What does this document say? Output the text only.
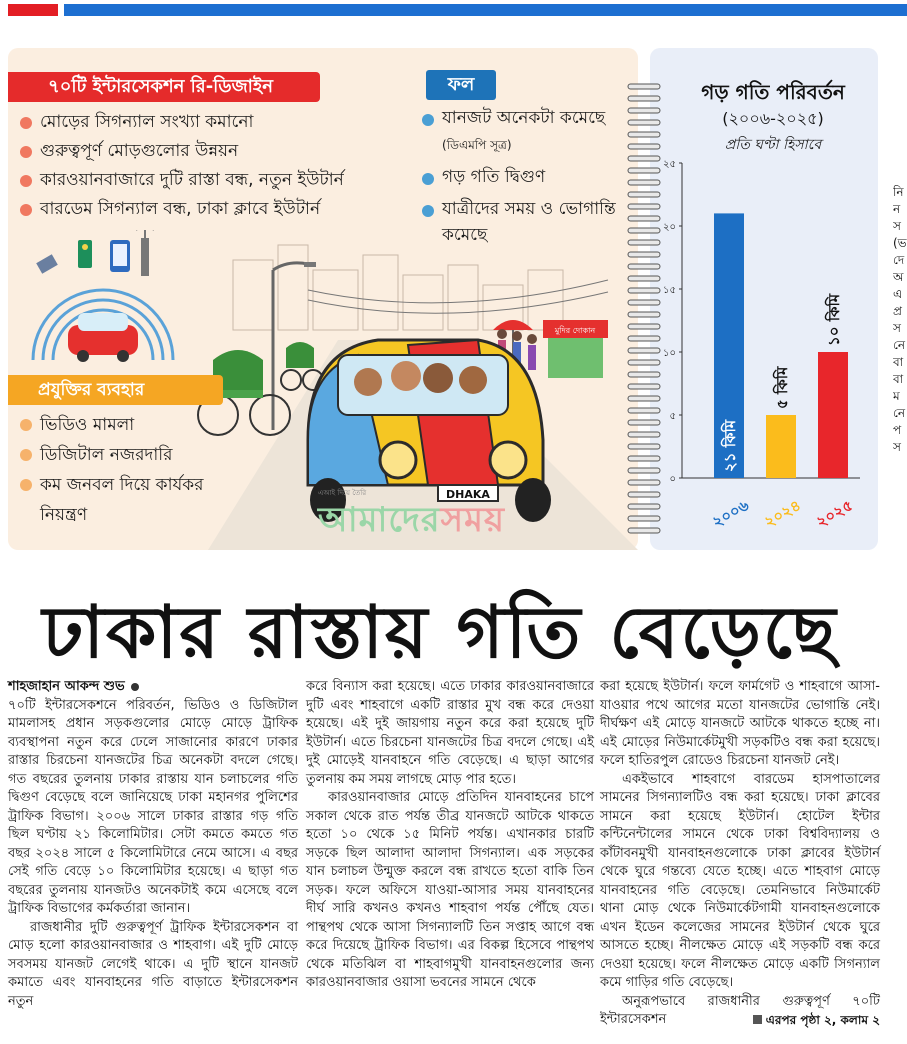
মুদির দোকান
DHAKA
৭০টি ইন্টারসেকশন রি-ডিজাইন	ফল
প্রযুক্তির ব্যবহার
মোড়ের সিগন্যাল সংখ্যা কমানো
গুরুত্বপূর্ণ মোড়গুলোর উন্নয়ন
কারওয়ানবাজারে দুটি রাস্তা বন্ধ, নতুন ইউটার্ন
বারডেম সিগন্যাল বন্ধ, ঢাকা ক্লাবে ইউটার্ন
যানজট অনেকটা কমেছে (ডিএমপি সূত্র)
গড় গতি দ্বিগুণ
যাত্রীদের সময় ও ভোগান্তি কমেছে
ভিডিও মামলা
ডিজিটাল নজরদারি
কম জনবল দিয়ে কার্যকর নিয়ন্ত্রণ
গড় গতি পরিবর্তন
(২০০৬-২০২৫)
প্রতি ঘণ্টা হিসাবে
০
৫
১০
১৫
২০
২৫
২১ কিমি
২০০৬
৫ কিমি
২০২৪
১০ কিমি
২০২৫
এআই দিয়ে তৈরি
আমাদেরসময়
ঢাকার রাস্তায় গতি বেড়েছে

শাহজাহান আকন্দ শুভ

৭০টি ইন্টারসেকশনে পরিবর্তন, ভিডিও ও ডিজিটাল মামলাসহ প্রধান সড়কগুলোর মোড়ে মোড়ে ট্রাফিক ব্যবস্থাপনা নতুন করে ঢেলে সাজানোর কারণে ঢাকার রাস্তার চিরচেনা যানজটের চিত্র অনেকটা বদলে গেছে। গত বছরের তুলনায় ঢাকার রাস্তায় যান চলাচলের গতি দ্বিগুণ বেড়েছে বলে জানিয়েছে ঢাকা মহানগর পুলিশের ট্রাফিক বিভাগ। ২০০৬ সালে ঢাকার রাস্তার গড় গতি ছিল ঘণ্টায় ২১ কিলোমিটার। সেটা কমতে কমতে গত বছর ২০২৪ সালে ৫ কিলোমিটারে নেমে আসে। এ বছর সেই গতি বেড়ে ১০ কিলোমিটার হয়েছে। এ ছাড়া গত বছরের তুলনায় যানজটও অনেকটাই কমে এসেছে বলে ট্রাফিক বিভাগের কর্মকর্তারা জানান।

রাজধানীর দুটি গুরুত্বপূর্ণ ট্রাফিক ইন্টারসেকশন বা মোড় হলো কারওয়ানবাজার ও শাহবাগ। এই দুটি মোড়ে সবসময় যানজট লেগেই থাকে। এ দুটি স্থানে যানজট কমাতে এবং যানবাহনের গতি বাড়াতে ইন্টারসেকশন নতুন

করে বিন্যাস করা হয়েছে। এতে ঢাকার কারওয়ানবাজারে দুটি এবং শাহবাগে একটি রাস্তার মুখ বন্ধ করে দেওয়া হয়েছে। এই দুই জায়গায় নতুন করে করা হয়েছে দুটি ইউটার্ন। এতে চিরচেনা যানজটের চিত্র বদলে গেছে। এই দুই মোড়েই যানবাহনে গতি বেড়েছে। এ ছাড়া আগের তুলনায় কম সময় লাগছে মোড় পার হতে।

কারওয়ানবাজার মোড়ে প্রতিদিন যানবাহনের চাপে সকাল থেকে রাত পর্যন্ত তীব্র যানজটে আটকে থাকতে হতো ১০ থেকে ১৫ মিনিট পর্যন্ত। এখানকার চারটি সড়কে ছিল আলাদা আলাদা সিগন্যাল। এক সড়কের যান চলাচল উন্মুক্ত করলে বন্ধ রাখতে হতো বাকি তিন সড়ক। ফলে অফিসে যাওয়া-আসার সময় যানবাহনের দীর্ঘ সারি কখনও কখনও শাহবাগ পর্যন্ত পৌঁছে যেত। পান্থপথ থেকে আসা সিগন্যালটি তিন সপ্তাহ আগে বন্ধ করে দিয়েছে ট্রাফিক বিভাগ। এর বিকল্প হিসেবে পান্থপথ থেকে মতিঝিল বা শাহবাগমুখী যানবাহনগুলোর জন্য কারওয়ানবাজার ওয়াসা ভবনের সামনে থেকে

করা হয়েছে ইউটার্ন। ফলে ফার্মগেট ও শাহবাগে আসা-যাওয়ার পথে আগের মতো যানজটের ভোগান্তি নেই। দীর্ঘক্ষণ এই মোড়ে যানজটে আটকে থাকতে হচ্ছে না। এই মোড়ের নিউমার্কেটমুখী সড়কটিও বন্ধ করা হয়েছে। ফলে হাতিরপুল রোডেও চিরচেনা যানজট নেই।

একইভাবে শাহবাগে বারডেম হাসপাতালের সামনের সিগন্যালটিও বন্ধ করা হয়েছে। ঢাকা ক্লাবের সামনে করা হয়েছে ইউটার্ন। হোটেল ইন্টার কন্টিনেন্টালের সামনে থেকে ঢাকা বিশ্ববিদ্যালয় ও কাঁটাবনমুখী যানবাহনগুলোকে ঢাকা ক্লাবের ইউটার্ন থেকে ঘুরে গন্তব্যে যেতে হচ্ছে। এতে শাহবাগ মোড়ে যানবাহনের গতি বেড়েছে। তেমনিভাবে নিউমার্কেট থানা মোড় থেকে নিউমার্কেটগামী যানবাহনগুলোকে এখন ইডেন কলেজের সামনের ইউটার্ন থেকে ঘুরে আসতে হচ্ছে। নীলক্ষেত মোড়ে এই সড়কটি বন্ধ করে দেওয়া হয়েছে। ফলে নীলক্ষেত মোড়ে একটি সিগন্যাল কমে গাড়ির গতি বেড়েছে।

অনুরূপভাবে রাজধানীর গুরুত্বপূর্ণ ৭০টি ইন্টারসেকশন	এরপর পৃষ্ঠা ২, কলাম ২

নি
ন
স
(ভ
দে
অ
এ
প্র
স
নে
বা
বা
ম
নে
প
স
